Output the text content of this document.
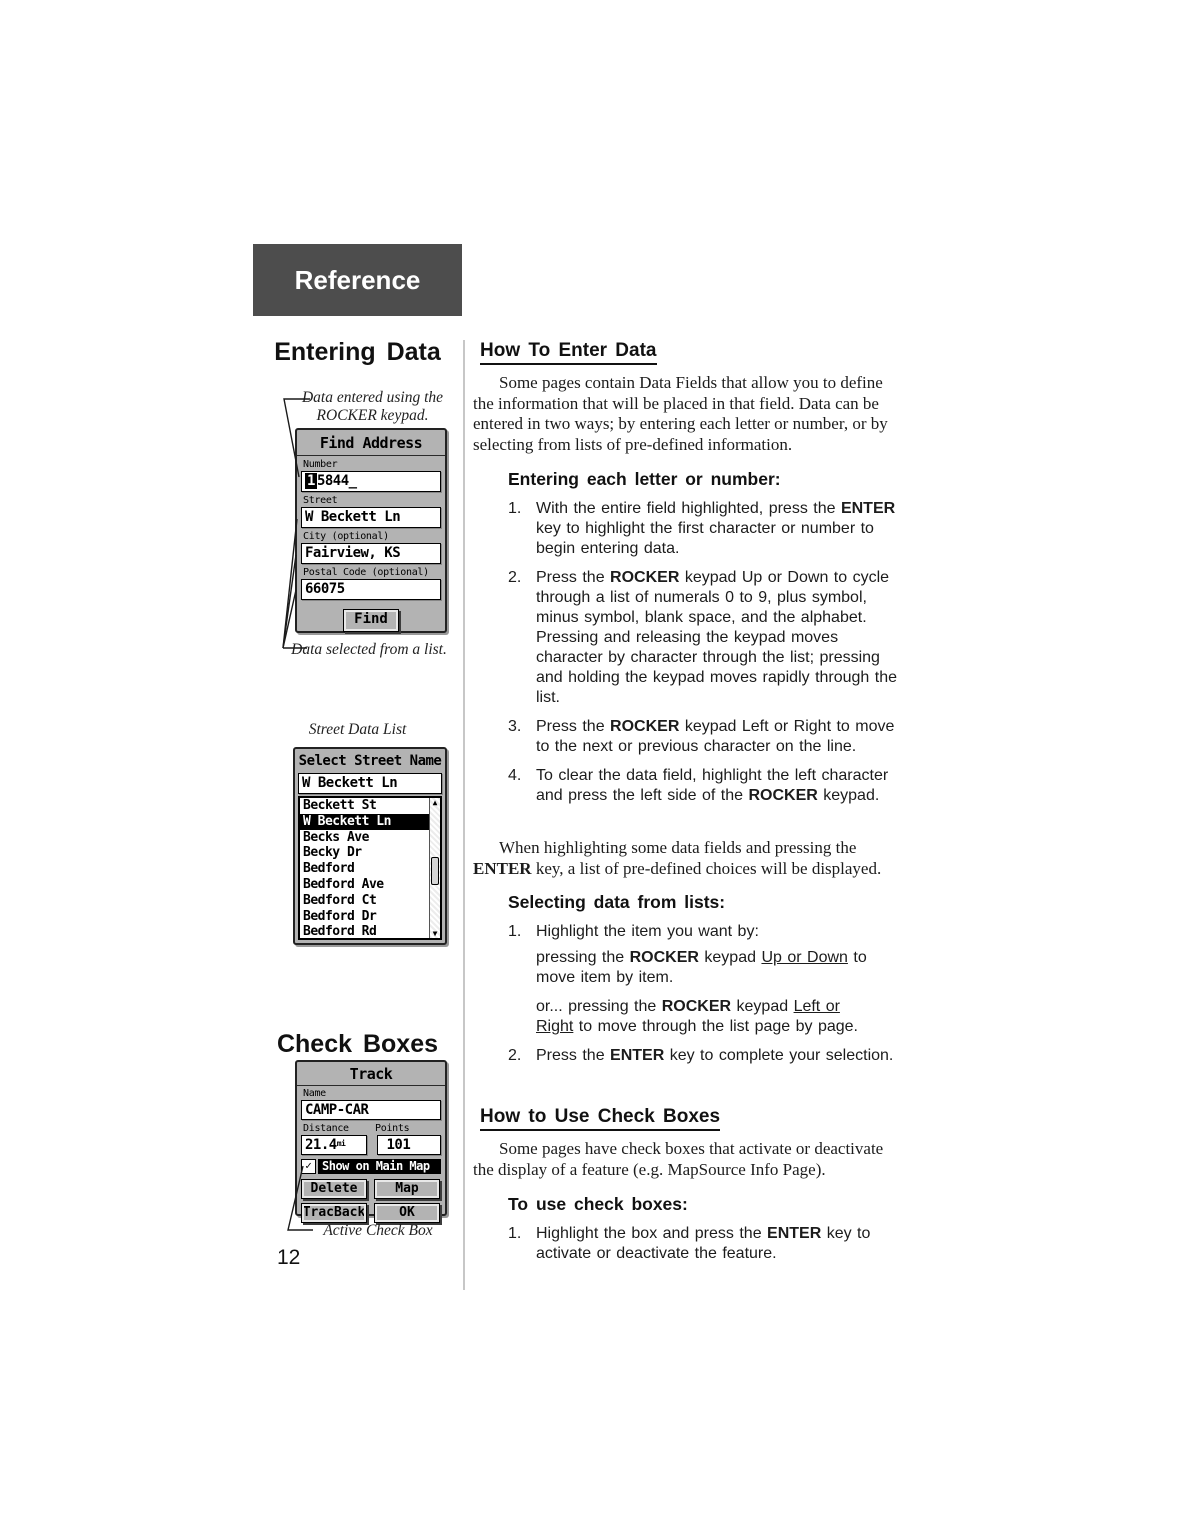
Reference
Entering Data
Data entered using the
ROCKER keypad.
Find Address
Number
1 5844_
Street
W Beckett Ln
City (optional)
Fairview, KS
Postal Code (optional)
66075
Find
Data selected from a list.
Street Data List
Select Street Name
W Beckett Ln
Beckett St
W Beckett Ln
Becks Ave
Becky Dr
Bedford
Bedford Ave
Bedford Ct
Bedford Dr
Bedford Rd
▲
▼
Check Boxes
Track
Name
CAMP-CAR
Distance	Points
21.4mi	101
✓ Show on Main Map
Delete	Map
TracBack	OK
Active Check Box
12
How To Enter Data

Some pages contain Data Fields that allow you to define the information that will be placed in that field. Data can be entered in two ways; by entering each letter or number, or by selecting from lists of pre-defined information.

Entering each letter or number:
1. With the entire field highlighted, press the ENTER key to highlight the first character or number to begin entering data.
2. Press the ROCKER keypad Up or Down to cycle through a list of numerals 0 to 9, plus symbol, minus symbol, blank space, and the alphabet. Pressing and releasing the keypad moves character by character through the list; pressing and holding the keypad moves rapidly through the list.
3. Press the ROCKER keypad Left or Right to move to the next or previous character on the line.
4. To clear the data field, highlight the left character and press the left side of the ROCKER keypad.

When highlighting some data fields and pressing the ENTER key, a list of pre-defined choices will be displayed.

Selecting data from lists:
1. Highlight the item you want by:
pressing the ROCKER keypad Up or Down to move item by item.
or... pressing the ROCKER keypad Left or Right to move through the list page by page.
2. Press the ENTER key to complete your selection.
How to Use Check Boxes

Some pages have check boxes that activate or deactivate the display of a feature (e.g. MapSource Info Page).

To use check boxes:
1. Highlight the box and press the ENTER key to activate or deactivate the feature.
